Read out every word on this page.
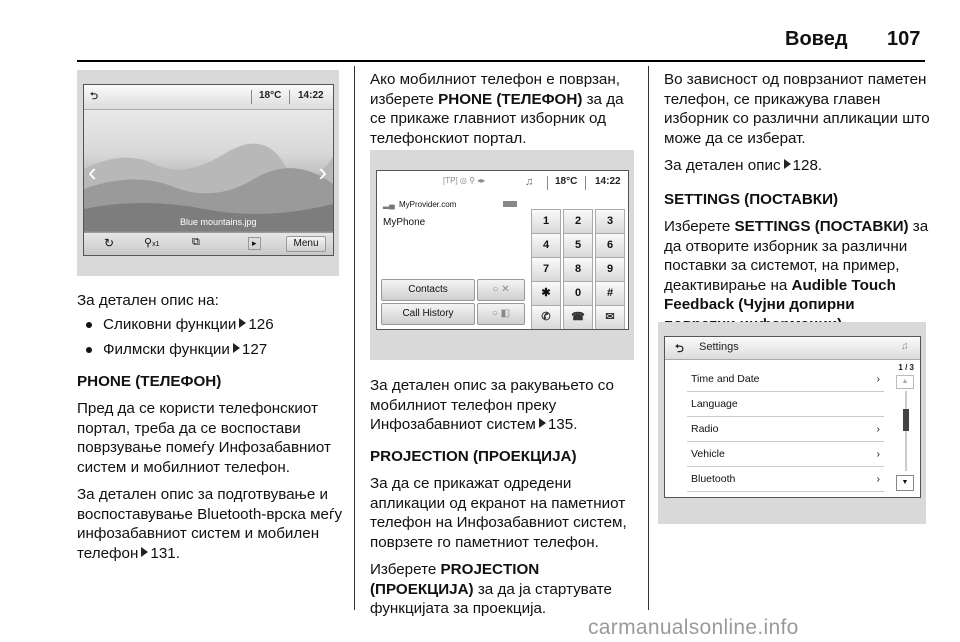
Вовед 107
⮌	18°C 14:22
‹	›
Blue mountains.jpg
↻	⚲x1	⧉	▸	Menu

За детален опис на:

Сликовни функции 126
Филмски функции 127

PHONE (ТЕЛЕФОН)

Пред да се користи телефонскиот портал, треба да се воспостави поврзување помеѓу Инфозабавниот систем и мобилниот телефон.

За детален опис за подготвување и воспоставување Bluetooth-врска меѓу инфозабавниот систем и мобилен телефон 131.

Ако мобилниот телефон е поврзан, изберете PHONE (ТЕЛЕФОН) за да се прикаже главниот изборник од телефонскиот портал.

[TP] ◎ ⚲ ◂▸	♫ 18°C 14:22
▂▄ MyProvider.com
MyPhone	1	2	3
4	5	6
7	8	9
✱	0	#
✆	☎	✉
Contacts	○ ✕
Call History	○ ◧

За детален опис за ракувањето со мобилниот телефон преку Инфозабавниот систем 135.

PROJECTION (ПРОЕКЦИЈА)

За да се прикажат одредени апликации од екранот на паметниот телефон на Инфозабавниот систем, поврзете го паметниот телефон.

Изберете PROJECTION (ПРОЕКЦИЈА) за да ја стартувате функцијата за проекција.

Во зависност од поврзаниот паметен телефон, се прикажува главен изборник со различни апликации што може да се изберат.

За детален опис 128.

SETTINGS (ПОСТАВКИ)

Изберете SETTINGS (ПОСТАВКИ) за да отворите изборник за различни поставки за системот, на пример, деактивирање на Audible Touch Feedback (Чујни допирни

⮌ Settings	♫
Time and Date	›
Language
Radio	›
Vehicle	›
Bluetooth	›
1 / 3
▲
▼
carmanualsonline.info
